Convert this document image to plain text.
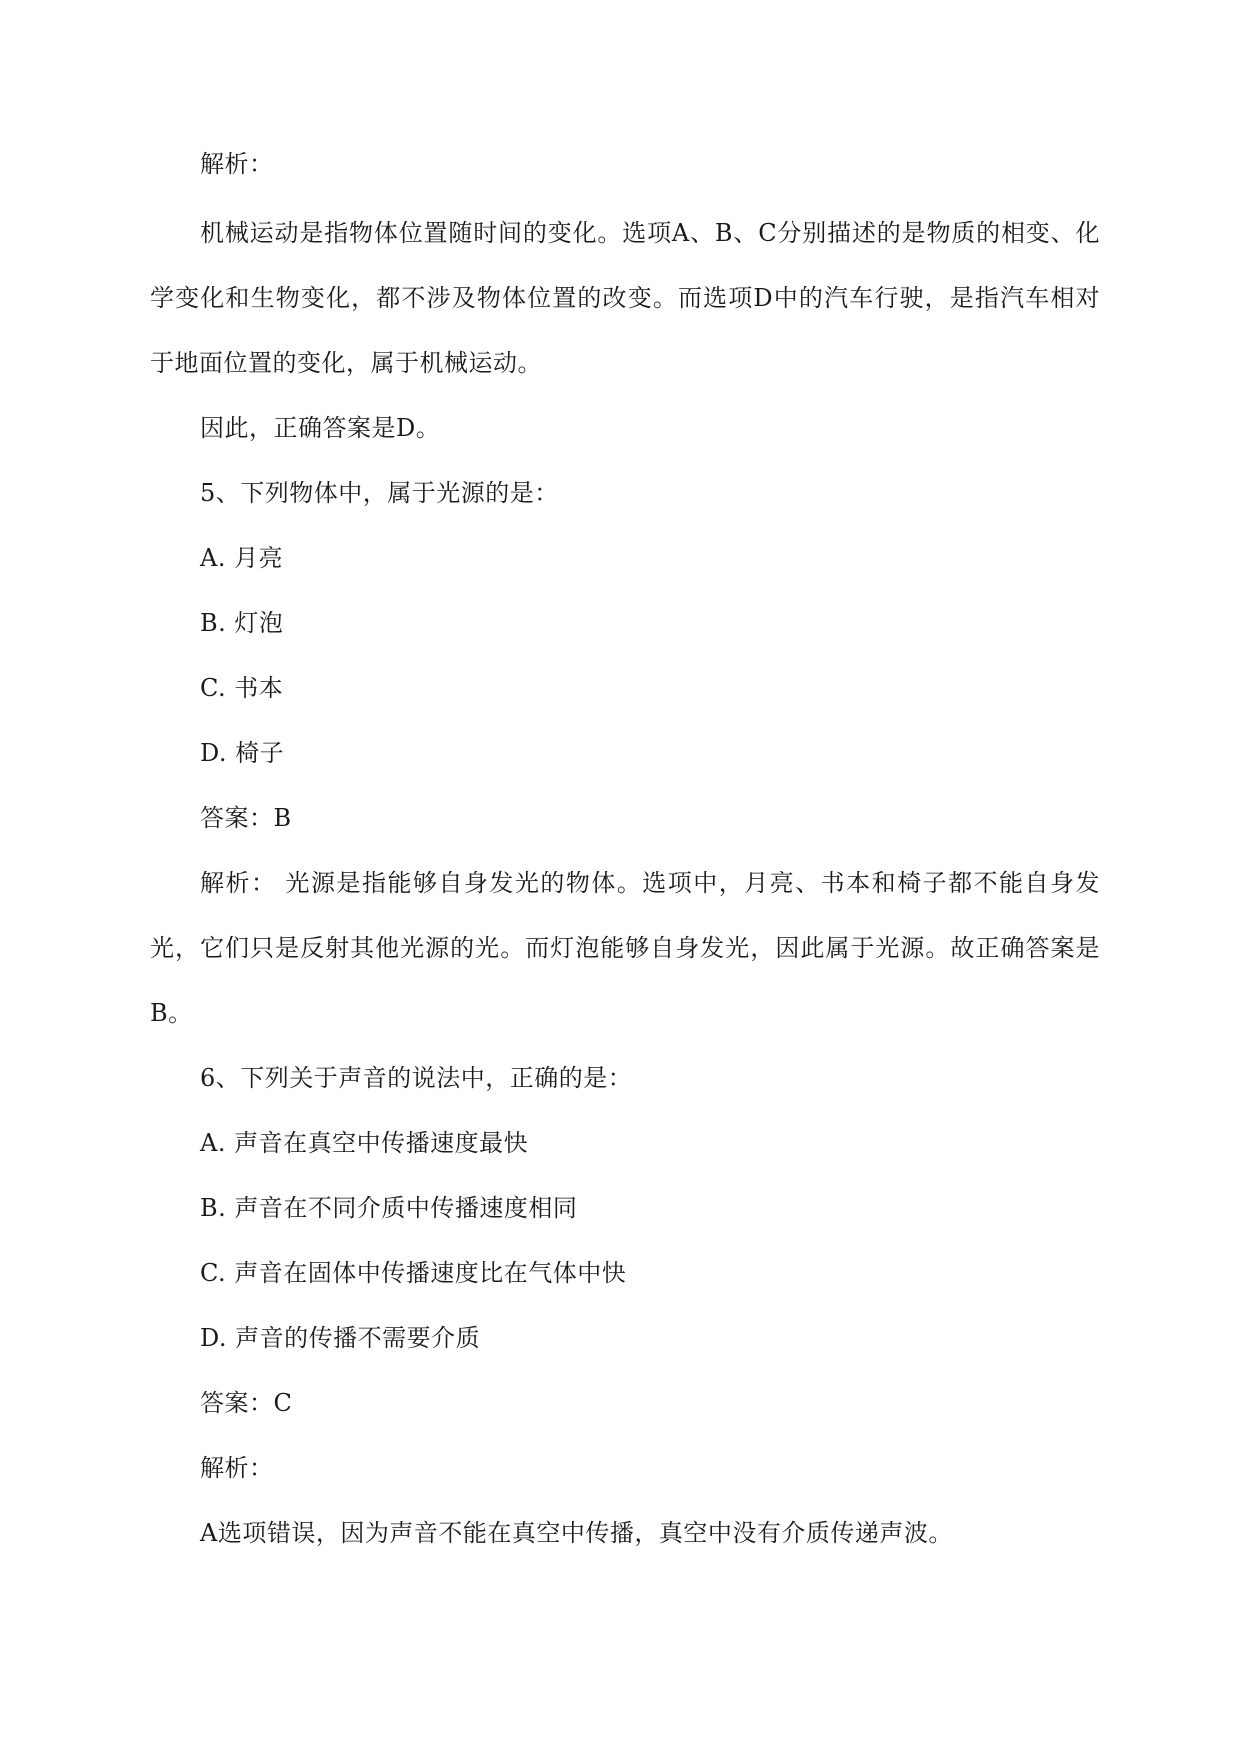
解析：
机械运动是指物体位置随时间的变化。选项A、B、C分别描述的是物质的相变、化
学变化和生物变化，都不涉及物体位置的改变。而选项D中的汽车行驶，是指汽车相对
于地面位置的变化，属于机械运动。
因此，正确答案是D。
5、下列物体中，属于光源的是：
A. 月亮
B. 灯泡
C. 书本
D. 椅子
答案：B
解析： 光源是指能够自身发光的物体。选项中，月亮、书本和椅子都不能自身发
光，它们只是反射其他光源的光。而灯泡能够自身发光，因此属于光源。故正确答案是
B。
6、下列关于声音的说法中，正确的是：
A. 声音在真空中传播速度最快
B. 声音在不同介质中传播速度相同
C. 声音在固体中传播速度比在气体中快
D. 声音的传播不需要介质
答案：C
解析：
A选项错误，因为声音不能在真空中传播，真空中没有介质传递声波。
